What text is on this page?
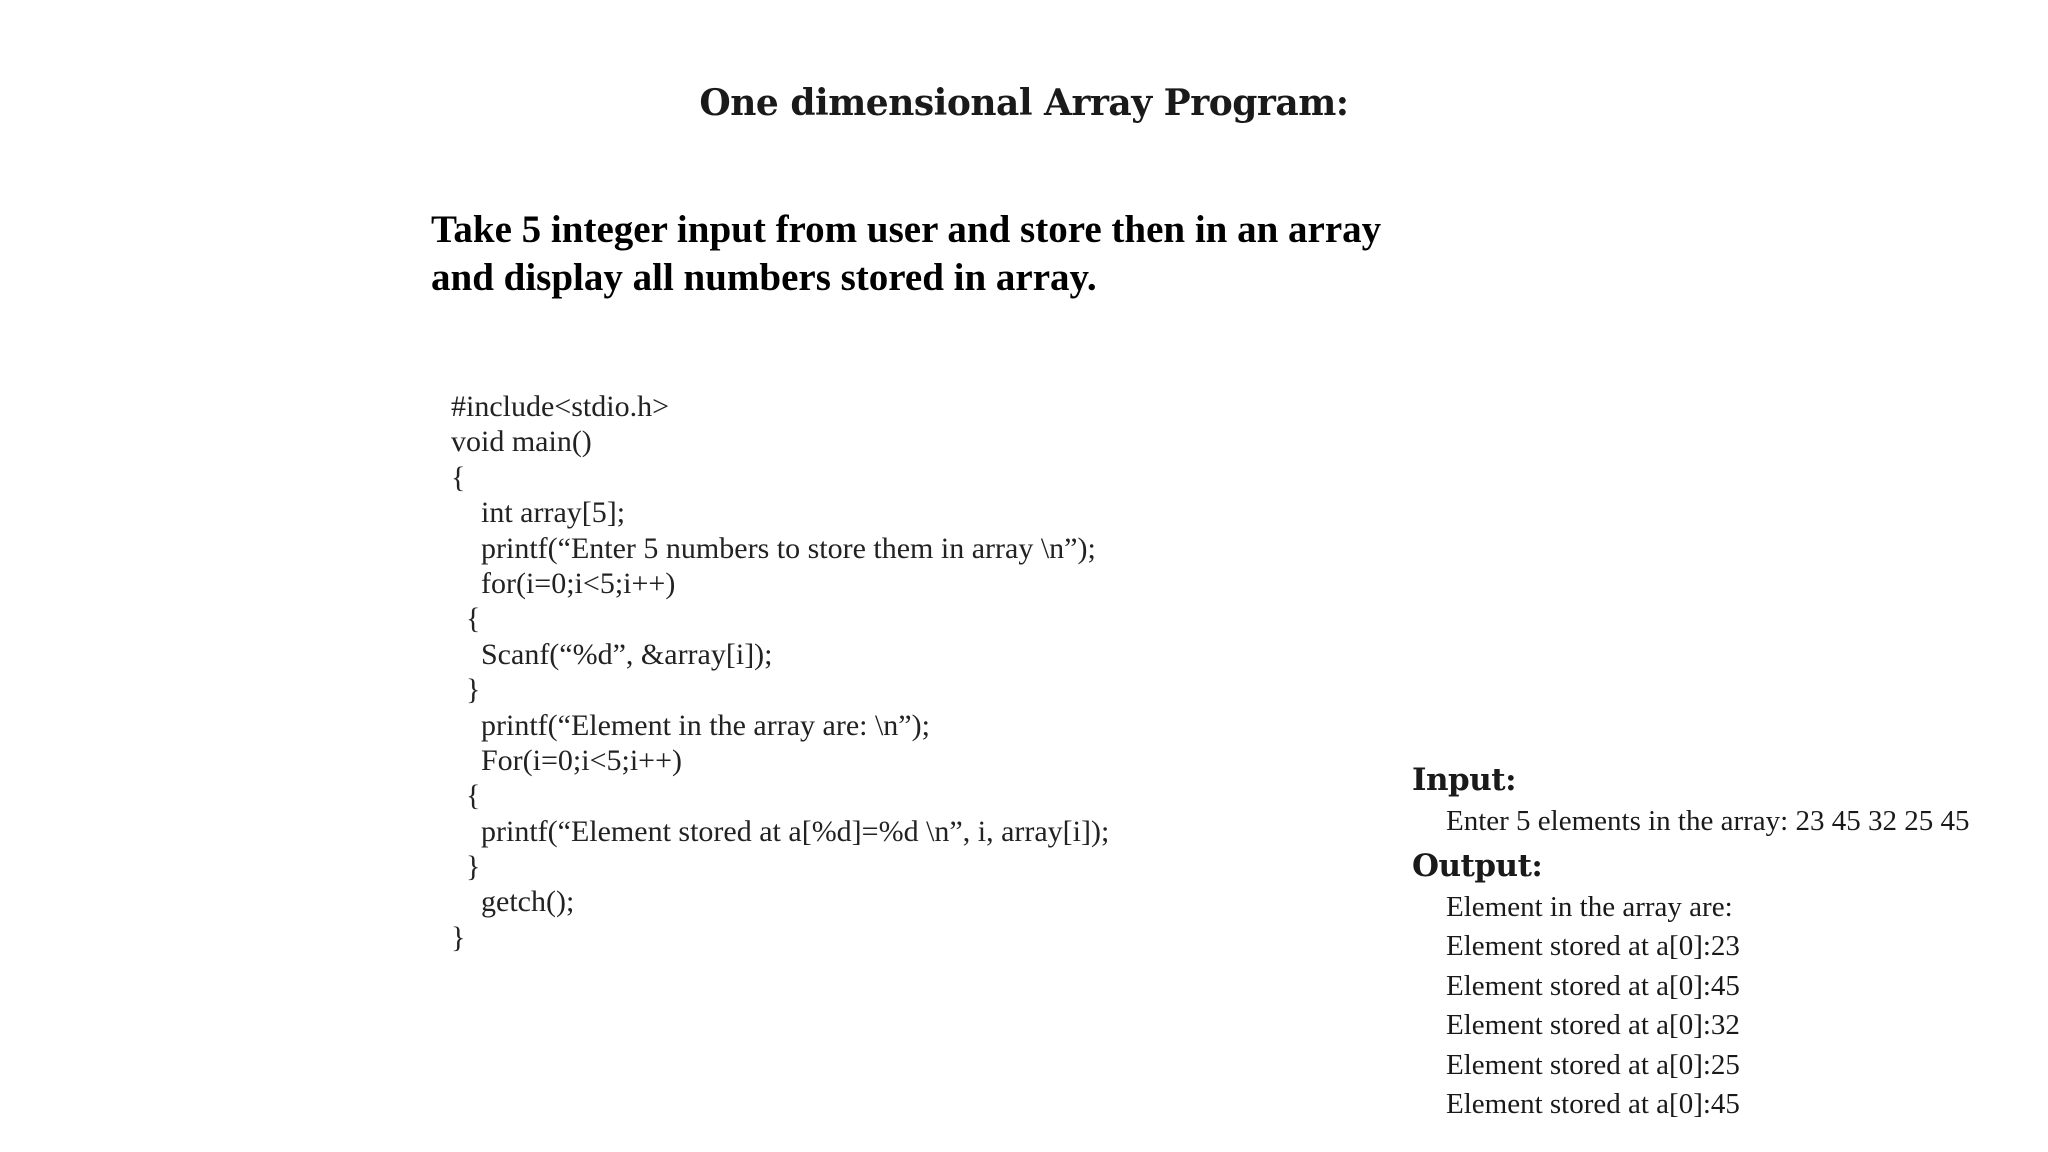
One dimensional Array Program:
Take 5 integer input from user and store then in an array
and display all numbers stored in array.
#include<stdio.h>
void main()
{
int array[5];
printf(“Enter 5 numbers to store them in array \n”);
for(i=0;i<5;i++)
{
Scanf(“%d”, &array[i]);
}
printf(“Element in the array are: \n”);
For(i=0;i<5;i++)
{
printf(“Element stored at a[%d]=%d \n”, i, array[i]);
}
getch();
}
Input:
Enter 5 elements in the array: 23 45 32 25 45
Output:
Element in the array are:
Element stored at a[0]:23
Element stored at a[0]:45
Element stored at a[0]:32
Element stored at a[0]:25
Element stored at a[0]:45
